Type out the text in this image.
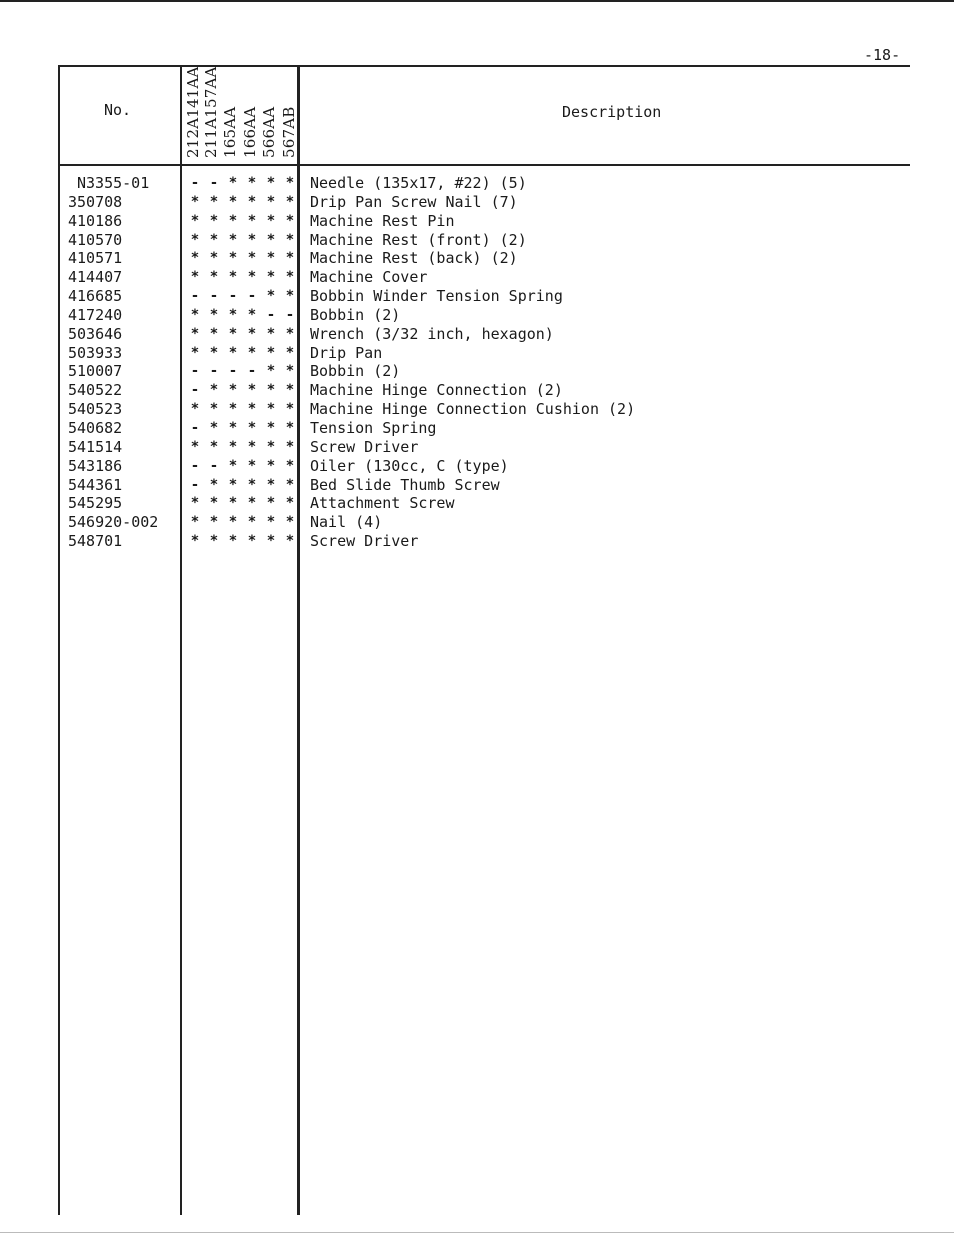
-18-
No.	Description
212A141AA 211A157AA 165AA 166AA 566AA 567AB
N3355-01	- - * * * * Needle (135x17, #22) (5)
350708	* * * * * * Drip Pan Screw Nail (7)
410186	* * * * * * Machine Rest Pin
410570	* * * * * * Machine Rest (front) (2)
410571	* * * * * * Machine Rest (back) (2)
414407	* * * * * * Machine Cover
416685	- - - - * * Bobbin Winder Tension Spring
417240	* * * * - - Bobbin (2)
503646	* * * * * * Wrench (3/32 inch, hexagon)
503933	* * * * * * Drip Pan
510007	- - - - * * Bobbin (2)
540522	- * * * * * Machine Hinge Connection (2)
540523	* * * * * * Machine Hinge Connection Cushion (2)
540682	- * * * * * Tension Spring
541514	* * * * * * Screw Driver
543186	- - * * * * Oiler (130cc, C (type)
544361	- * * * * * Bed Slide Thumb Screw
545295	* * * * * * Attachment Screw
546920-002 * * * * * * Nail (4)
548701	* * * * * * Screw Driver
